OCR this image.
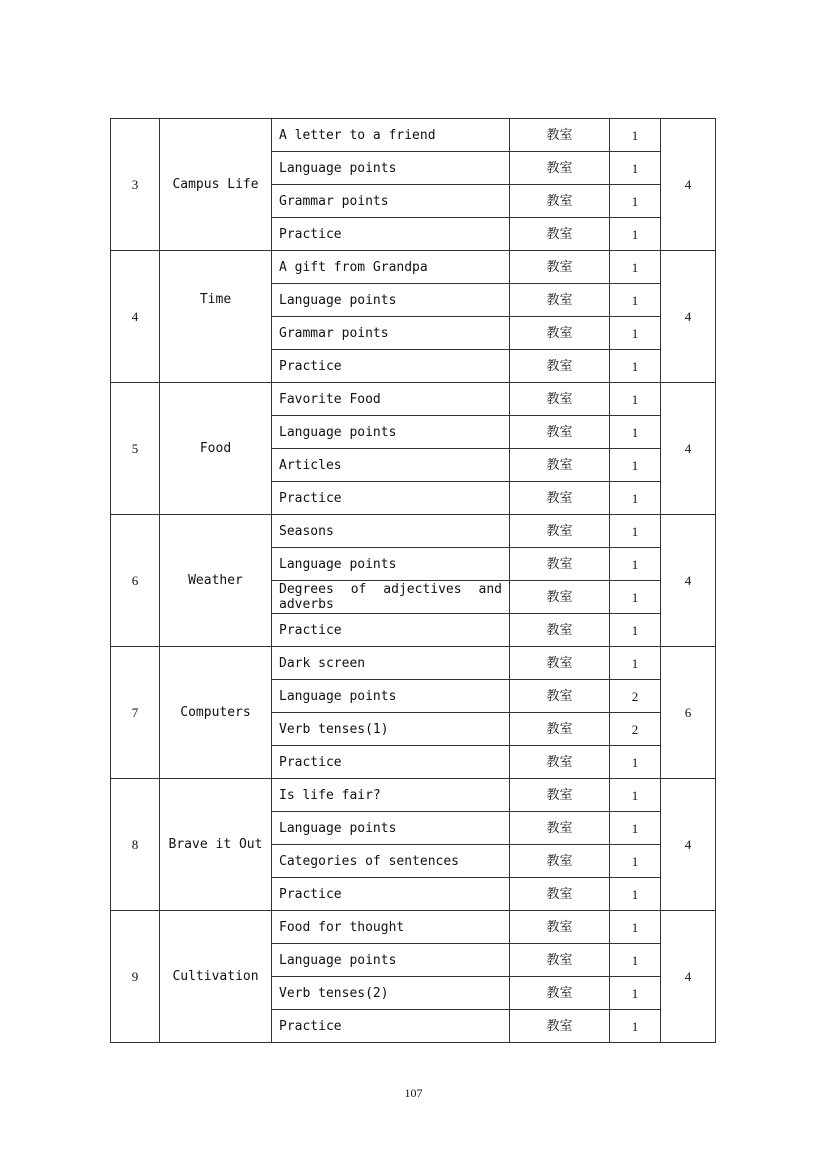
3	Campus Life	A letter to a friend	教室	1	4
		Language points	教室	1	
		Grammar points	教室	1	
		Practice	教室	1	
4	Time	A gift from Grandpa	教室	1	4
		Language points	教室	1	
		Grammar points	教室	1	
		Practice	教室	1	
5	Food	Favorite Food	教室	1	4
		Language points	教室	1	
		Articles	教室	1	
		Practice	教室	1	
6	Weather	Seasons	教室	1	4
		Language points	教室	1	
		Degrees of adjectives and adverbs	教室	1	
		Practice	教室	1	
7	Computers	Dark screen	教室	1	6
		Language points	教室	2	
		Verb tenses(1)	教室	2	
		Practice	教室	1	
8	Brave it Out	Is life fair?	教室	1	4
		Language points	教室	1	
		Categories of sentences	教室	1	
		Practice	教室	1	
9	Cultivation	Food for thought	教室	1	4
		Language points	教室	1	
		Verb tenses(2)	教室	1	
		Practice	教室	1	
107
